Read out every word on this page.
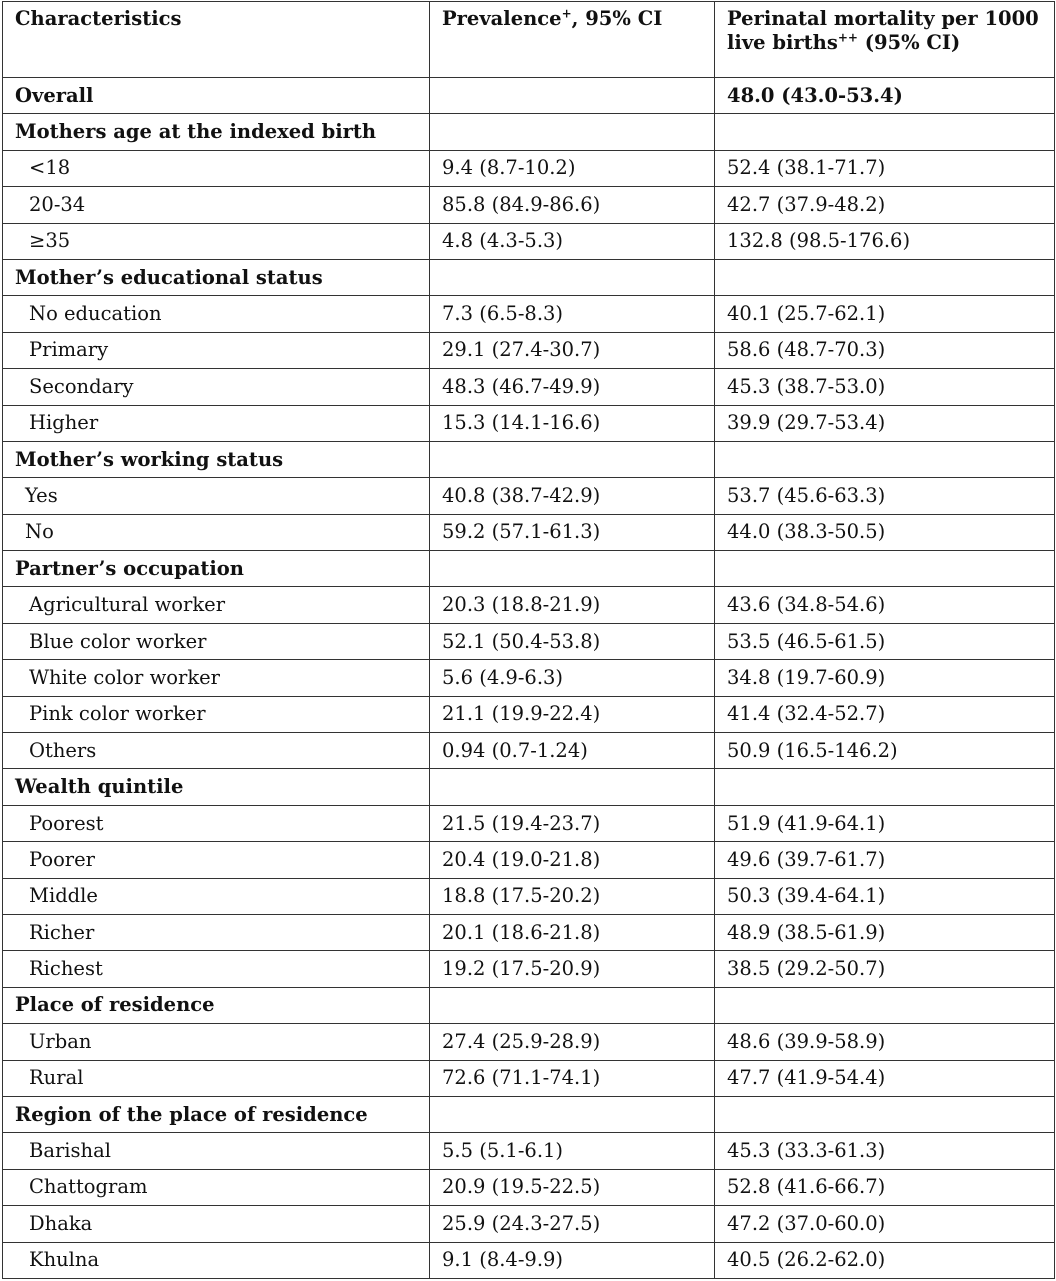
Characteristics	Prevalence+, 95% CI	Perinatal mortality per 1000 live births++ (95% CI)
Overall		48.0 (43.0-53.4)
Mothers age at the indexed birth		
<18	9.4 (8.7-10.2)	52.4 (38.1-71.7)
20-34	85.8 (84.9-86.6)	42.7 (37.9-48.2)
≥35	4.8 (4.3-5.3)	132.8 (98.5-176.6)
Mother’s educational status		
No education	7.3 (6.5-8.3)	40.1 (25.7-62.1)
Primary	29.1 (27.4-30.7)	58.6 (48.7-70.3)
Secondary	48.3 (46.7-49.9)	45.3 (38.7-53.0)
Higher	15.3 (14.1-16.6)	39.9 (29.7-53.4)
Mother’s working status		
Yes	40.8 (38.7-42.9)	53.7 (45.6-63.3)
No	59.2 (57.1-61.3)	44.0 (38.3-50.5)
Partner’s occupation		
Agricultural worker	20.3 (18.8-21.9)	43.6 (34.8-54.6)
Blue color worker	52.1 (50.4-53.8)	53.5 (46.5-61.5)
White color worker	5.6 (4.9-6.3)	34.8 (19.7-60.9)
Pink color worker	21.1 (19.9-22.4)	41.4 (32.4-52.7)
Others	0.94 (0.7-1.24)	50.9 (16.5-146.2)
Wealth quintile		
Poorest	21.5 (19.4-23.7)	51.9 (41.9-64.1)
Poorer	20.4 (19.0-21.8)	49.6 (39.7-61.7)
Middle	18.8 (17.5-20.2)	50.3 (39.4-64.1)
Richer	20.1 (18.6-21.8)	48.9 (38.5-61.9)
Richest	19.2 (17.5-20.9)	38.5 (29.2-50.7)
Place of residence		
Urban	27.4 (25.9-28.9)	48.6 (39.9-58.9)
Rural	72.6 (71.1-74.1)	47.7 (41.9-54.4)
Region of the place of residence		
Barishal	5.5 (5.1-6.1)	45.3 (33.3-61.3)
Chattogram	20.9 (19.5-22.5)	52.8 (41.6-66.7)
Dhaka	25.9 (24.3-27.5)	47.2 (37.0-60.0)
Khulna	9.1 (8.4-9.9)	40.5 (26.2-62.0)
